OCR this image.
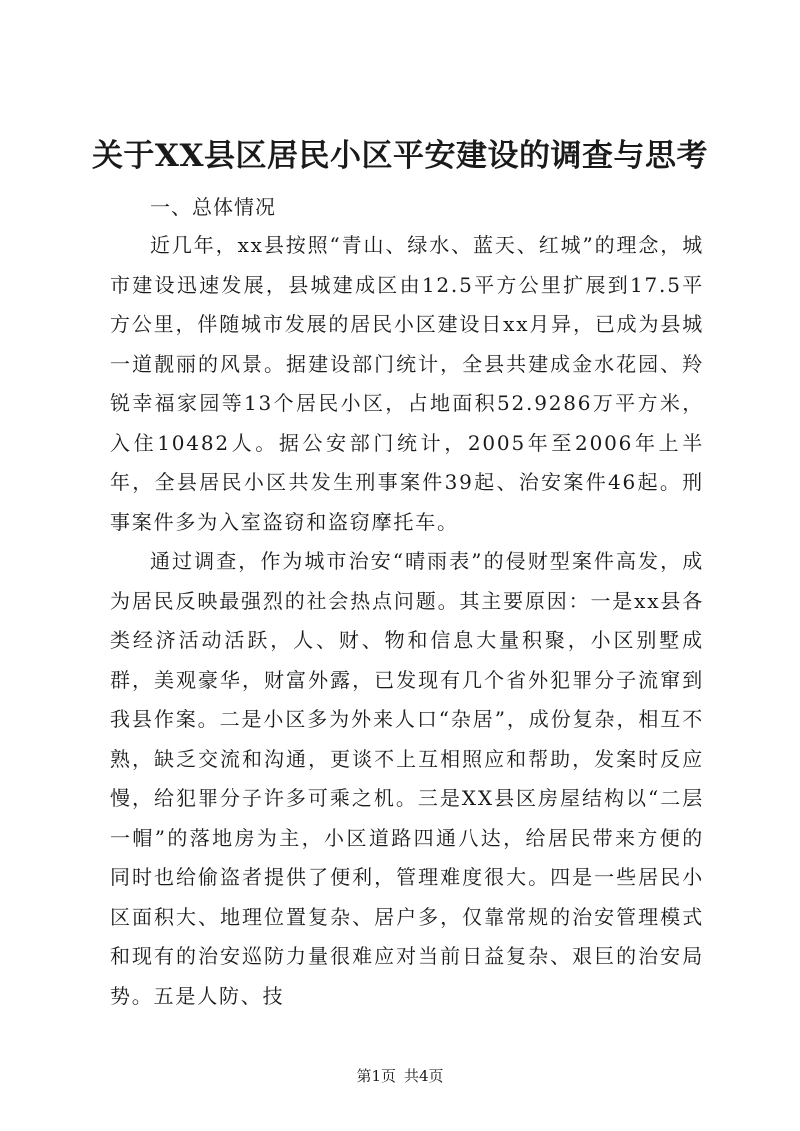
关于XX县区居民小区平安建设的调查与思考

一、总体情况

近几年，xx县按照“青山、绿水、蓝天、红城”的理念，城市建设迅速发展，县城建成区由12.5平方公里扩展到17.5平方公里，伴随城市发展的居民小区建设日xx月异，已成为县城一道靓丽的风景。据建设部门统计，全县共建成金水花园、羚锐幸福家园等13个居民小区，占地面积52.9286万平方米，入住10482人。据公安部门统计，2005年至2006年上半年，全县居民小区共发生刑事案件39起、治安案件46起。刑事案件多为入室盗窃和盗窃摩托车。

通过调查，作为城市治安“晴雨表”的侵财型案件高发，成为居民反映最强烈的社会热点问题。其主要原因：一是xx县各类经济活动活跃，人、财、物和信息大量积聚，小区别墅成群，美观豪华，财富外露，已发现有几个省外犯罪分子流窜到我县作案。二是小区多为外来人口“杂居”，成份复杂，相互不熟，缺乏交流和沟通，更谈不上互相照应和帮助，发案时反应慢，给犯罪分子许多可乘之机。三是XX县区房屋结构以“二层一帽”的落地房为主，小区道路四通八达，给居民带来方便的同时也给偷盗者提供了便利，管理难度很大。四是一些居民小区面积大、地理位置复杂、居户多，仅靠常规的治安管理模式和现有的治安巡防力量很难应对当前日益复杂、艰巨的治安局势。五是人防、技

第1页 共4页
